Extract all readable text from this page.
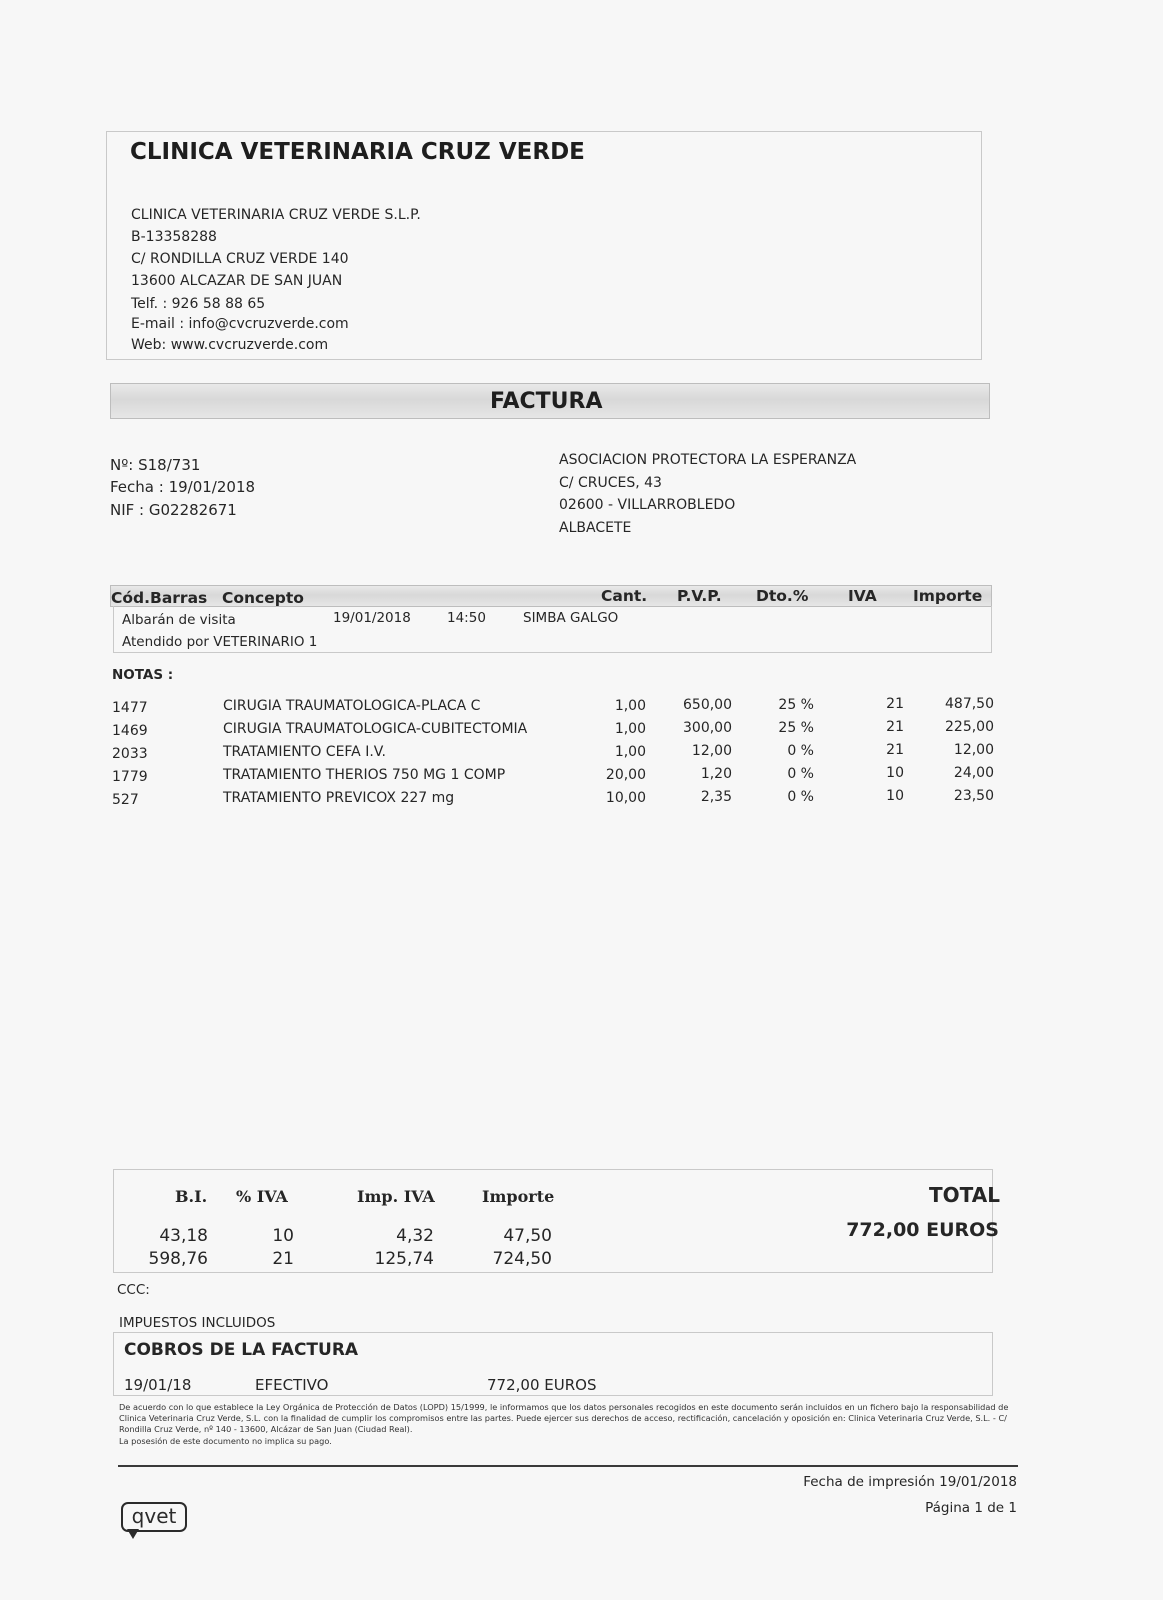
CLINICA VETERINARIA CRUZ VERDE
CLINICA VETERINARIA CRUZ VERDE S.L.P.
B-13358288
C/ RONDILLA CRUZ VERDE 140
13600 ALCAZAR DE SAN JUAN
Telf. : 926 58 88 65
E-mail : info@cvcruzverde.com
Web: www.cvcruzverde.com
FACTURA
Nº: S18/731
Fecha : 19/01/2018
NIF : G02282671
ASOCIACION PROTECTORA LA ESPERANZA
C/ CRUCES, 43
02600 - VILLARROBLEDO
ALBACETE
Cód.Barras Concepto	Cant. P.V.P. Dto.%	IVA Importe
Albarán de visita	19/01/2018	14:50	SIMBA GALGO
Atendido por VETERINARIO 1
NOTAS :
1477	CIRUGIA TRAUMATOLOGICA-PLACA C	1,00	650,00	25 %	21	487,50
1469	CIRUGIA TRAUMATOLOGICA-CUBITECTOMIA	1,00	300,00	25 %	21	225,00
2033	TRATAMIENTO CEFA I.V.	1,00	12,00	0 %	21	12,00
1779	TRATAMIENTO THERIOS 750 MG 1 COMP	20,00	1,20	0 %	10	24,00
527	TRATAMIENTO PREVICOX 227 mg	10,00	2,35	0 %	10	23,50
B.I. % IVA	Imp. IVA	Importe
43,18	10	4,32	47,50
598,76	21	125,74	724,50
TOTAL
772,00 EUROS
CCC:
IMPUESTOS INCLUIDOS
COBROS DE LA FACTURA
19/01/18	EFECTIVO	772,00 EUROS
De acuerdo con lo que establece la Ley Orgánica de Protección de Datos (LOPD) 15/1999, le informamos que los datos personales recogidos en este documento serán incluidos en un fichero bajo la responsabilidad de Clinica Veterinaria Cruz Verde, S.L. con la finalidad de cumplir los compromisos entre las partes. Puede ejercer sus derechos de acceso, rectificación, cancelación y oposición en: Clinica Veterinaria Cruz Verde, S.L. - C/ Rondilla Cruz Verde, nº 140 - 13600, Alcázar de San Juan (Ciudad Real).
La posesión de este documento no implica su pago.
Fecha de impresión 19/01/2018
Página 1 de 1
qvet
